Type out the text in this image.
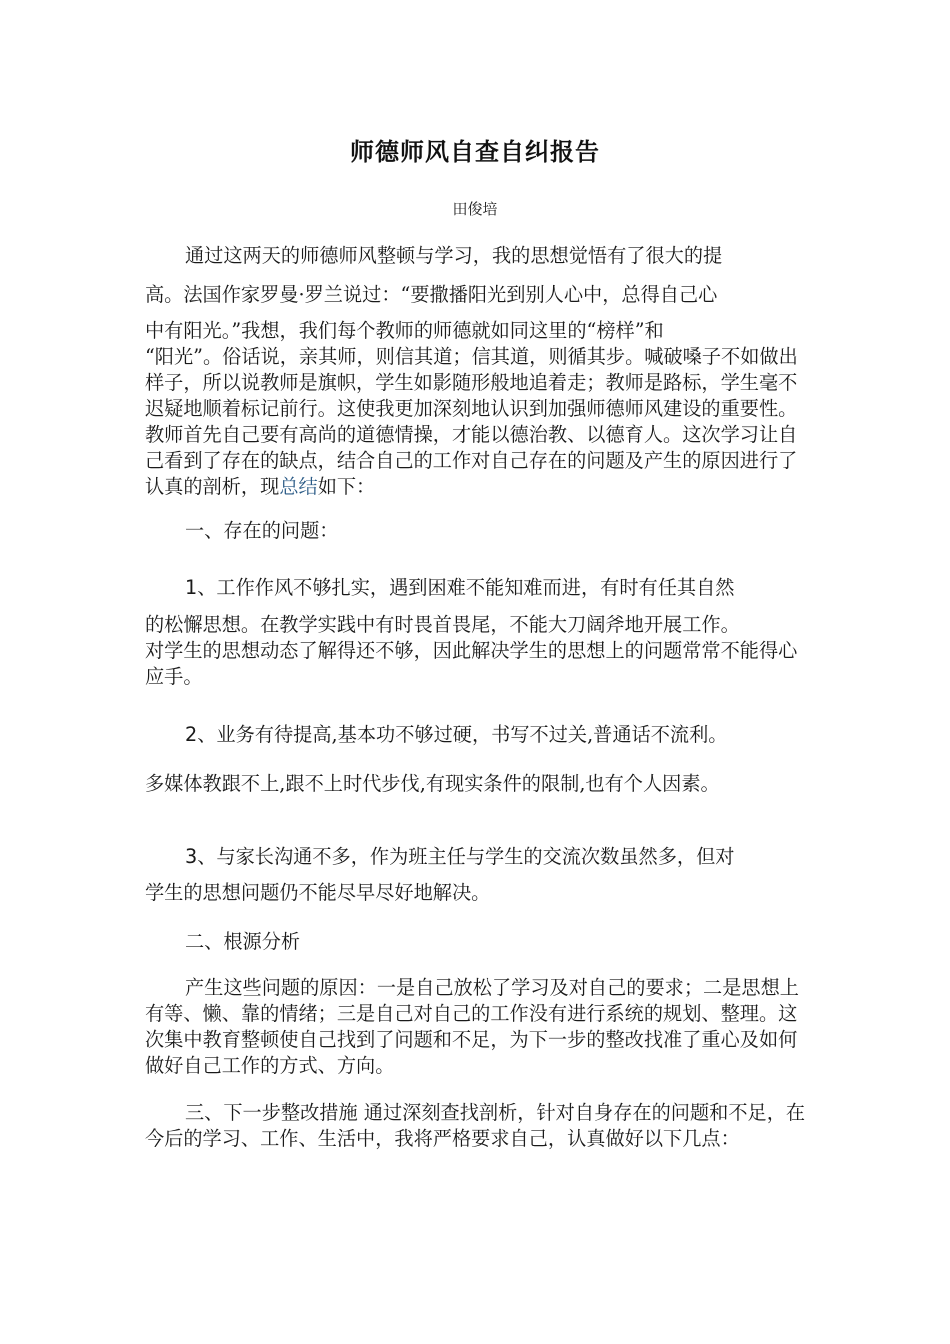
师德师风自查自纠报告
田俊培

通过这两天的师德师风整顿与学习，我的思想觉悟有了很大的提

高。法国作家罗曼·罗兰说过：“要撒播阳光到别人心中，总得自己心

中有阳光。”我想，我们每个教师的师德就如同这里的“榜样”和

“阳光”。俗话说，亲其师，则信其道；信其道，则循其步。喊破嗓子不如做出样子，所以说教师是旗帜，学生如影随形般地追着走；教师是路标，学生毫不迟疑地顺着标记前行。这使我更加深刻地认识到加强师德师风建设的重要性。教师首先自己要有高尚的道德情操，才能以德治教、以德育人。这次学习让自己看到了存在的缺点，结合自己的工作对自己存在的问题及产生的原因进行了认真的剖析，现总结如下：

一、存在的问题：

1、工作作风不够扎实，遇到困难不能知难而进，有时有任其自然

的松懈思想。在教学实践中有时畏首畏尾，不能大刀阔斧地开展工作。

对学生的思想动态了解得还不够，因此解决学生的思想上的问题常常不能得心应手。

2、业务有待提高,基本功不够过硬，书写不过关,普通话不流利。

多媒体教跟不上,跟不上时代步伐,有现实条件的限制,也有个人因素。

3、与家长沟通不多，作为班主任与学生的交流次数虽然多，但对

学生的思想问题仍不能尽早尽好地解决。

二、根源分析

产生这些问题的原因：一是自己放松了学习及对自己的要求；二是思想上有等、懒、靠的情绪；三是自己对自己的工作没有进行系统的规划、整理。这次集中教育整顿使自己找到了问题和不足，为下一步的整改找准了重心及如何做好自己工作的方式、方向。

三、下一步整改措施 通过深刻查找剖析，针对自身存在的问题和不足，在今后的学习、工作、生活中，我将严格要求自己，认真做好以下几点：
